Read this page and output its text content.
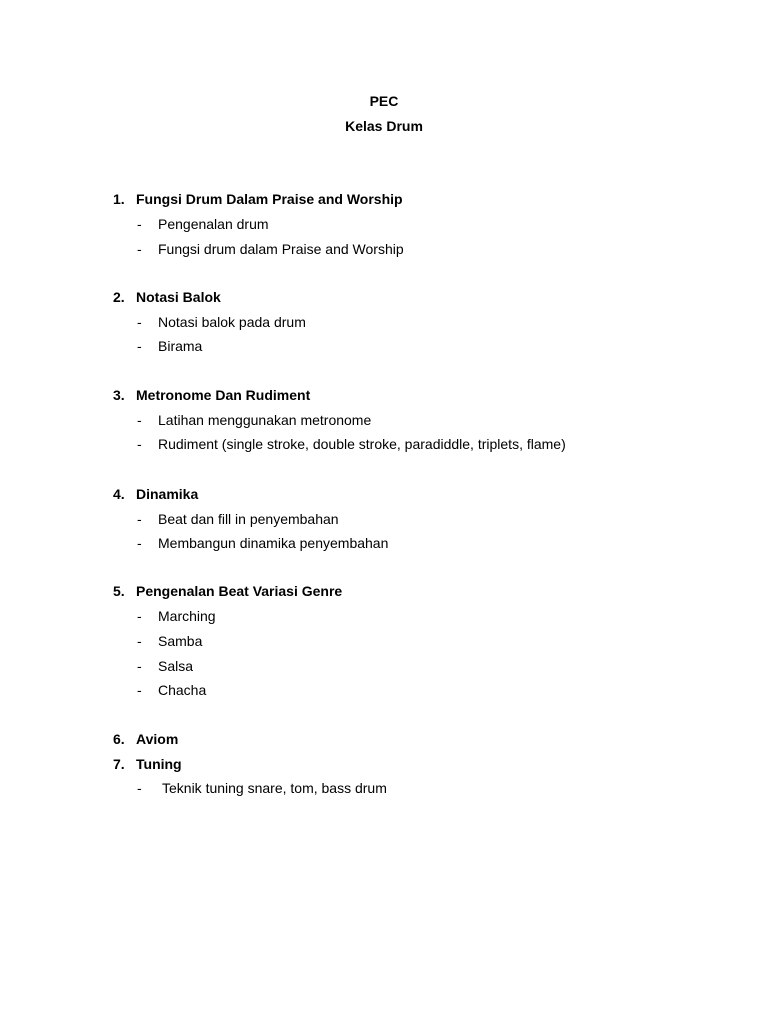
PEC
Kelas Drum
1. Fungsi Drum Dalam Praise and Worship
- Pengenalan drum
- Fungsi drum dalam Praise and Worship
2. Notasi Balok
- Notasi balok pada drum
- Birama
3. Metronome Dan Rudiment
- Latihan menggunakan metronome
- Rudiment (single stroke, double stroke, paradiddle, triplets, flame)
4. Dinamika
- Beat dan fill in penyembahan
- Membangun dinamika penyembahan
5. Pengenalan Beat Variasi Genre
- Marching
- Samba
- Salsa
- Chacha
6. Aviom
7. Tuning
- Teknik tuning snare, tom, bass drum
